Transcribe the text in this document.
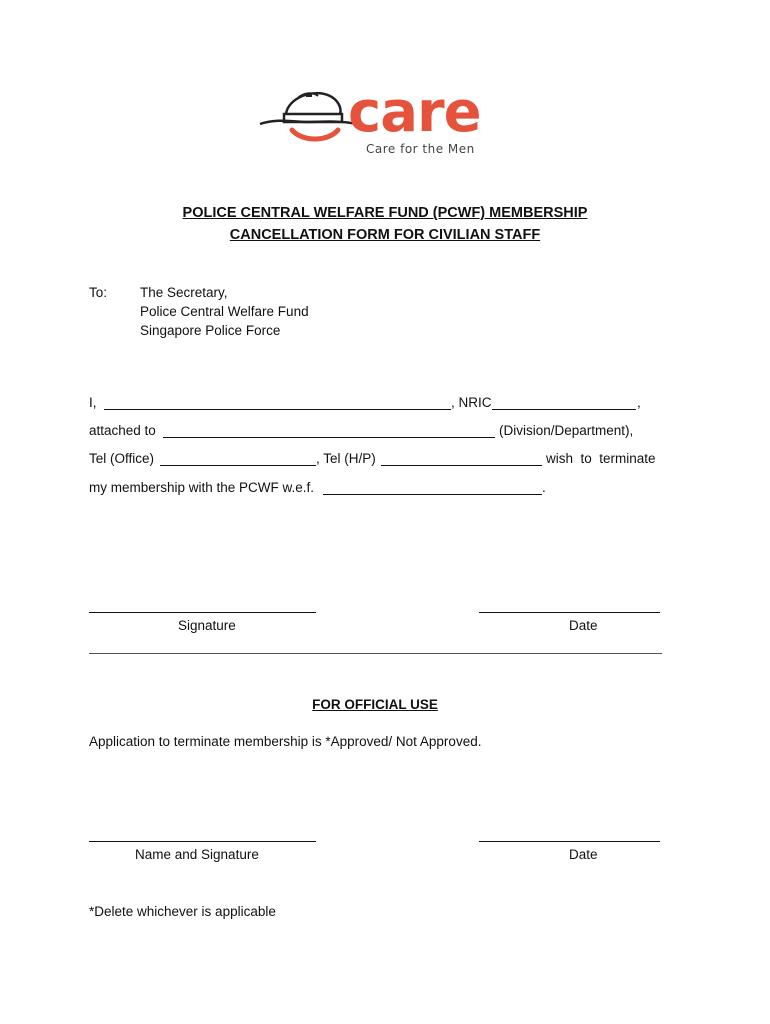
care
Care for the Men
POLICE CENTRAL WELFARE FUND (PCWF) MEMBERSHIP
CANCELLATION FORM FOR CIVILIAN STAFF
To: The Secretary,
Police Central Welfare Fund
Singapore Police Force
I,	, NRIC	,
attached to	(Division/Department),
Tel (Office)	, Tel (H/P)	wish  to  terminate
my membership with the PCWF w.e.f.	.
Signature	Date
FOR OFFICIAL USE
Application to terminate membership is *Approved/ Not Approved.
Name and Signature	Date
*Delete whichever is applicable
